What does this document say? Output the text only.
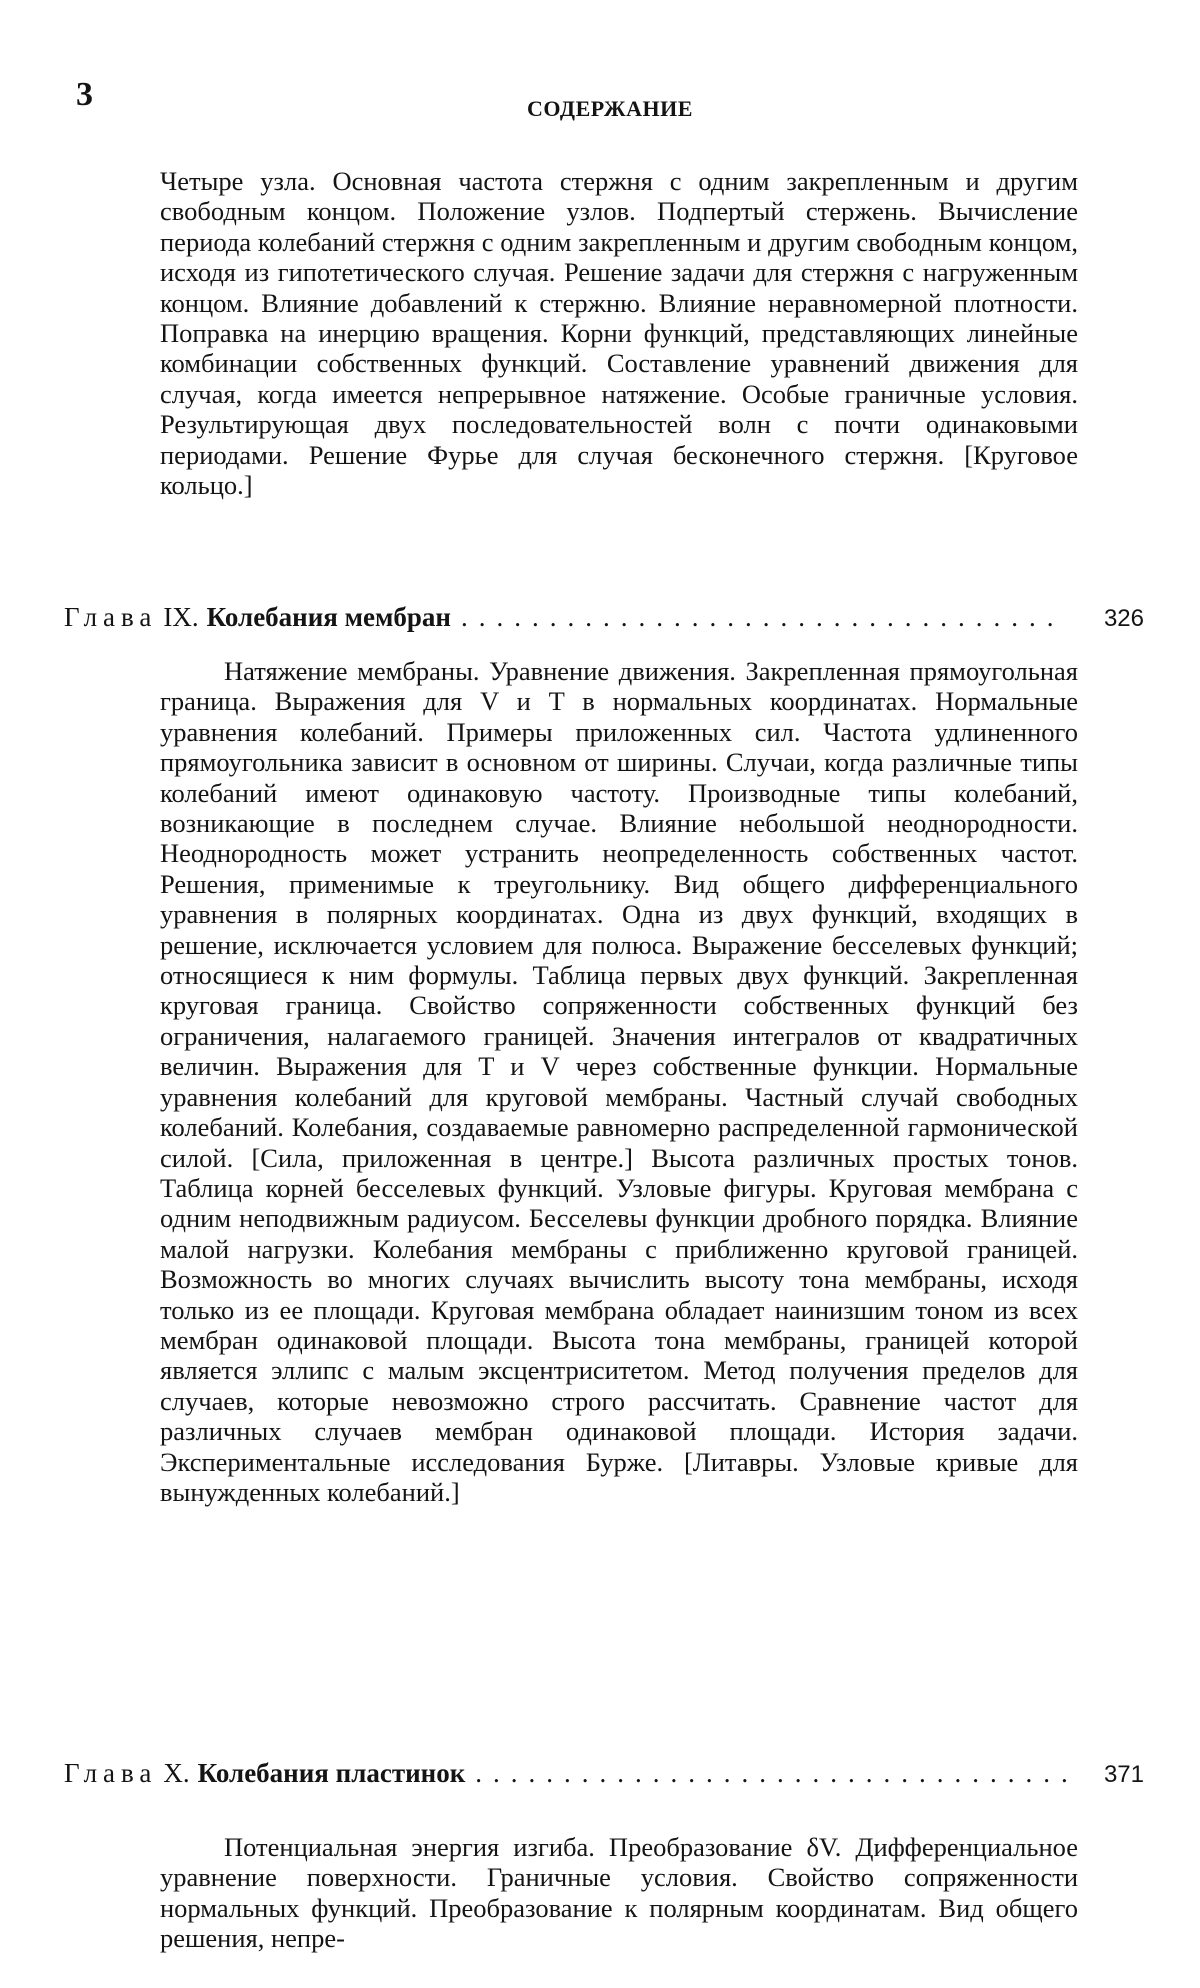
3	СОДЕРЖАНИЕ

Четыре узла. Основная частота стержня с одним закрепленным и другим свободным концом. Положение узлов. Подпертый стержень. Вычисление периода колебаний стержня с одним закрепленным и другим свободным концом, исходя из гипотетического случая. Решение задачи для стержня с нагруженным концом. Влияние добавлений к стержню. Влияние неравномерной плотности. Поправка на инерцию вращения. Корни функций, представляющих линейные комбинации собственных функций. Составление уравнений движения для случая, когда имеется непрерывное натяжение. Особые граничные условия. Результирующая двух последовательностей волн с почти одинаковыми периодами. Решение Фурье для случая бесконечного стержня. [Круговое кольцо.]

Глава IX. Колебания мембран ..................................	326

Натяжение мембраны. Уравнение движения. Закрепленная прямоугольная граница. Выражения для V и T в нормальных координатах. Нормальные уравнения колебаний. Примеры приложенных сил. Частота удлиненного прямоугольника зависит в основном от ширины. Случаи, когда различные типы колебаний имеют одинаковую частоту. Производные типы колебаний, возникающие в последнем случае. Влияние небольшой неоднородности. Неоднородность может устранить неопределенность собственных частот. Решения, применимые к треугольнику. Вид общего дифференциального уравнения в полярных координатах. Одна из двух функций, входящих в решение, исключается условием для полюса. Выражение бесселевых функций; относящиеся к ним формулы. Таблица первых двух функций. Закрепленная круговая граница. Свойство сопряженности собственных функций без ограничения, налагаемого границей. Значения интегралов от квадратичных величин. Выражения для T и V через собственные функции. Нормальные уравнения колебаний для круговой мембраны. Частный случай свободных колебаний. Колебания, создаваемые равномерно распределенной гармонической силой. [Сила, приложенная в центре.] Высота различных простых тонов. Таблица корней бесселевых функций. Узловые фигуры. Круговая мембрана с одним неподвижным радиусом. Бесселевы функции дробного порядка. Влияние малой нагрузки. Колебания мембраны с приближенно круговой границей. Возможность во многих случаях вычислить высоту тона мембраны, исходя только из ее площади. Круговая мембрана обладает наинизшим тоном из всех мембран одинаковой площади. Высота тона мембраны, границей которой является эллипс с малым эксцентриситетом. Метод получения пределов для случаев, которые невозможно строго рассчитать. Сравнение частот для различных случаев мембран одинаковой площади. История задачи. Экспериментальные исследования Бурже. [Литавры. Узловые кривые для вынужденных колебаний.]

Глава X. Колебания пластинок ..................................	371

Потенциальная энергия изгиба. Преобразование δV. Дифференциальное уравнение поверхности. Граничные условия. Свойство сопряженности нормальных функций. Преобразование к полярным координатам. Вид общего решения, непре-
